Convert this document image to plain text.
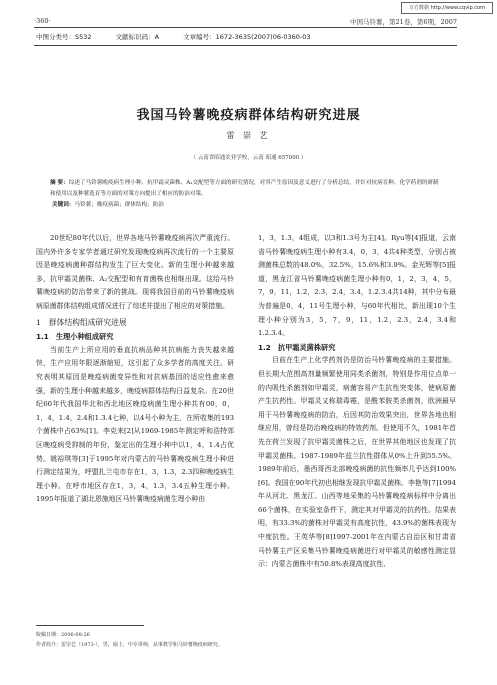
万方数据 http://www.cqvip.com
·360·	中国马铃薯，第21卷，第6期，2007
中图分类号：S532	文献标识码：A	文章编号：1672-3635(2007)06-0360-03
我国马铃薯晚疫病群体结构研究进展
雷 崇 艺
（ 云南省昭通农业学校，云南 昭通 657000 ）
摘 要：综述了马铃薯晚疫病生理小种、抗甲霜灵菌株、A₂交配型等方面的研究情况，对其产生原因及意义进行了分析总结，并针对抗病育种、化学药剂的研制和使用以及种薯选育等方面的对策方向提出了相应的防治对策。
关键词：马铃薯；晚疫病菌；群体结构；防治

20世纪80年代以后，世界各地马铃薯晚疫病再次严重流行。国内外许多专家学者通过研究发现晚疫病再次流行的一个主要原因是晚疫病菌种群结构发生了巨大变化。新的生理小种越来越多，抗甲霜灵菌株、A₂交配型和有育菌株也相继出现。这给马铃薯晚疫病的防治带来了新的挑战。现将我国目前的马铃薯晚疫病病原菌群体结构组成情况进行了综述并提出了相应的对策措施。

1　群体结构组成研究进展
1.1　生理小种组成研究

当前生产上所应用的垂直抗病品种其抗病能力丧失越来越快，生产应用年限逐渐缩短，这引起了众多学者的高度关注。研究表明其原因是晚疫病菌变异性和对抗病基因的适应性愈来愈强，新的生理小种越来越多，晚疫病群体结构日益复杂。在20世纪60年代我国华北和西北地区晚疫病菌生理小种共有00，0，1，4，1.4，2.4和1.3.4七种，以4号小种为主，在所收集的193个菌株中占63%[1]。李克来[2]从1969-1985年测定呼和浩特郊区晚疫病受抑制的年份，鉴定出的生理小种中以1，4，1.4占优势。姚裕琪等[3]于1995年对内蒙古的马铃薯晚疫病生理小种进行测定结果为，呼盟扎兰屯市存在1，3，1.3，2.3四种晚疫病生理小种。在呼市地区存在1，3，4，1.3，3.4五种生理小种。1995年报道了湖北恩施地区马铃薯晚疫病菌生理小种由

1，3，1.3，4组成，以3和1.3号为主[4]。Ryu等[4]报道，云南省马铃薯晚疫病生理小种有3.4，0，3，4共4种类型，分别占被测菌株总数的48.0%，32.5%，15.6%和3.9%。金光辉等[5]报道，黑龙江省马铃薯晚疫病菌生理小种有0，1，2，3，4，5，7，9，11，1.2，2.3，2.4，3.4，1.2.3.4共14种，其中分布最为普遍是0，4，11号生理小种，与60年代相比，新出现10个生理小种分别为3，5，7，9，11，1.2，2.3，2.4，3.4和1.2.3.4。

1.2　抗甲霜灵菌株研究

目前在生产上化学药剂仍是防治马铃薯晚疫病的主要措施。但长期大范围高剂量频繁使用同类杀菌剂，特别是作用位点单一的内吸性杀菌剂如甲霜灵，病菌容易产生抗性突变体，使病原菌产生抗药性。甲霜灵又称瑞毒霉，是酰苯胺类杀菌剂，欧洲最早用于马铃薯晚疫病的防治，后因其防治效果突出，世界各地也相继应用，曾经是防治晚疫病的特效药剂。但使用不久，1981年首先在荷兰发现了抗甲霜灵菌株之后，在世界其他地区也发现了抗甲霜灵菌株。1987-1989年兹兰抗性群体从0%上升到55.5%。1989年前后，墨西哥西北部晚疫病菌的抗性频率几乎达到100%[6]。我国在90年代初也相继发现抗甲霜灵菌株。李艳等[7]1994年从河北、黑龙江、山西等地采集的马铃薯晚疫病标样中分离出66个菌株，在实验室条件下，测定其对甲霜灵的抗药性。结果表明，有33.3%的菌株对甲霜灵有高度抗性，43.9%的菌株表现为中度抗性。王英华等[8]1997-2001年在内蒙古自治区和甘肃省马铃薯主产区采集马铃薯晚疫病菌进行对甲霜灵的敏感性测定显示：内蒙古菌株中有50.8%表现高度抗性、

收稿日期：2006-08-26
作者简介：雷崇艺（1973-），男，硕士，中专讲师，从事教学和马铃薯晚疫病研究。
